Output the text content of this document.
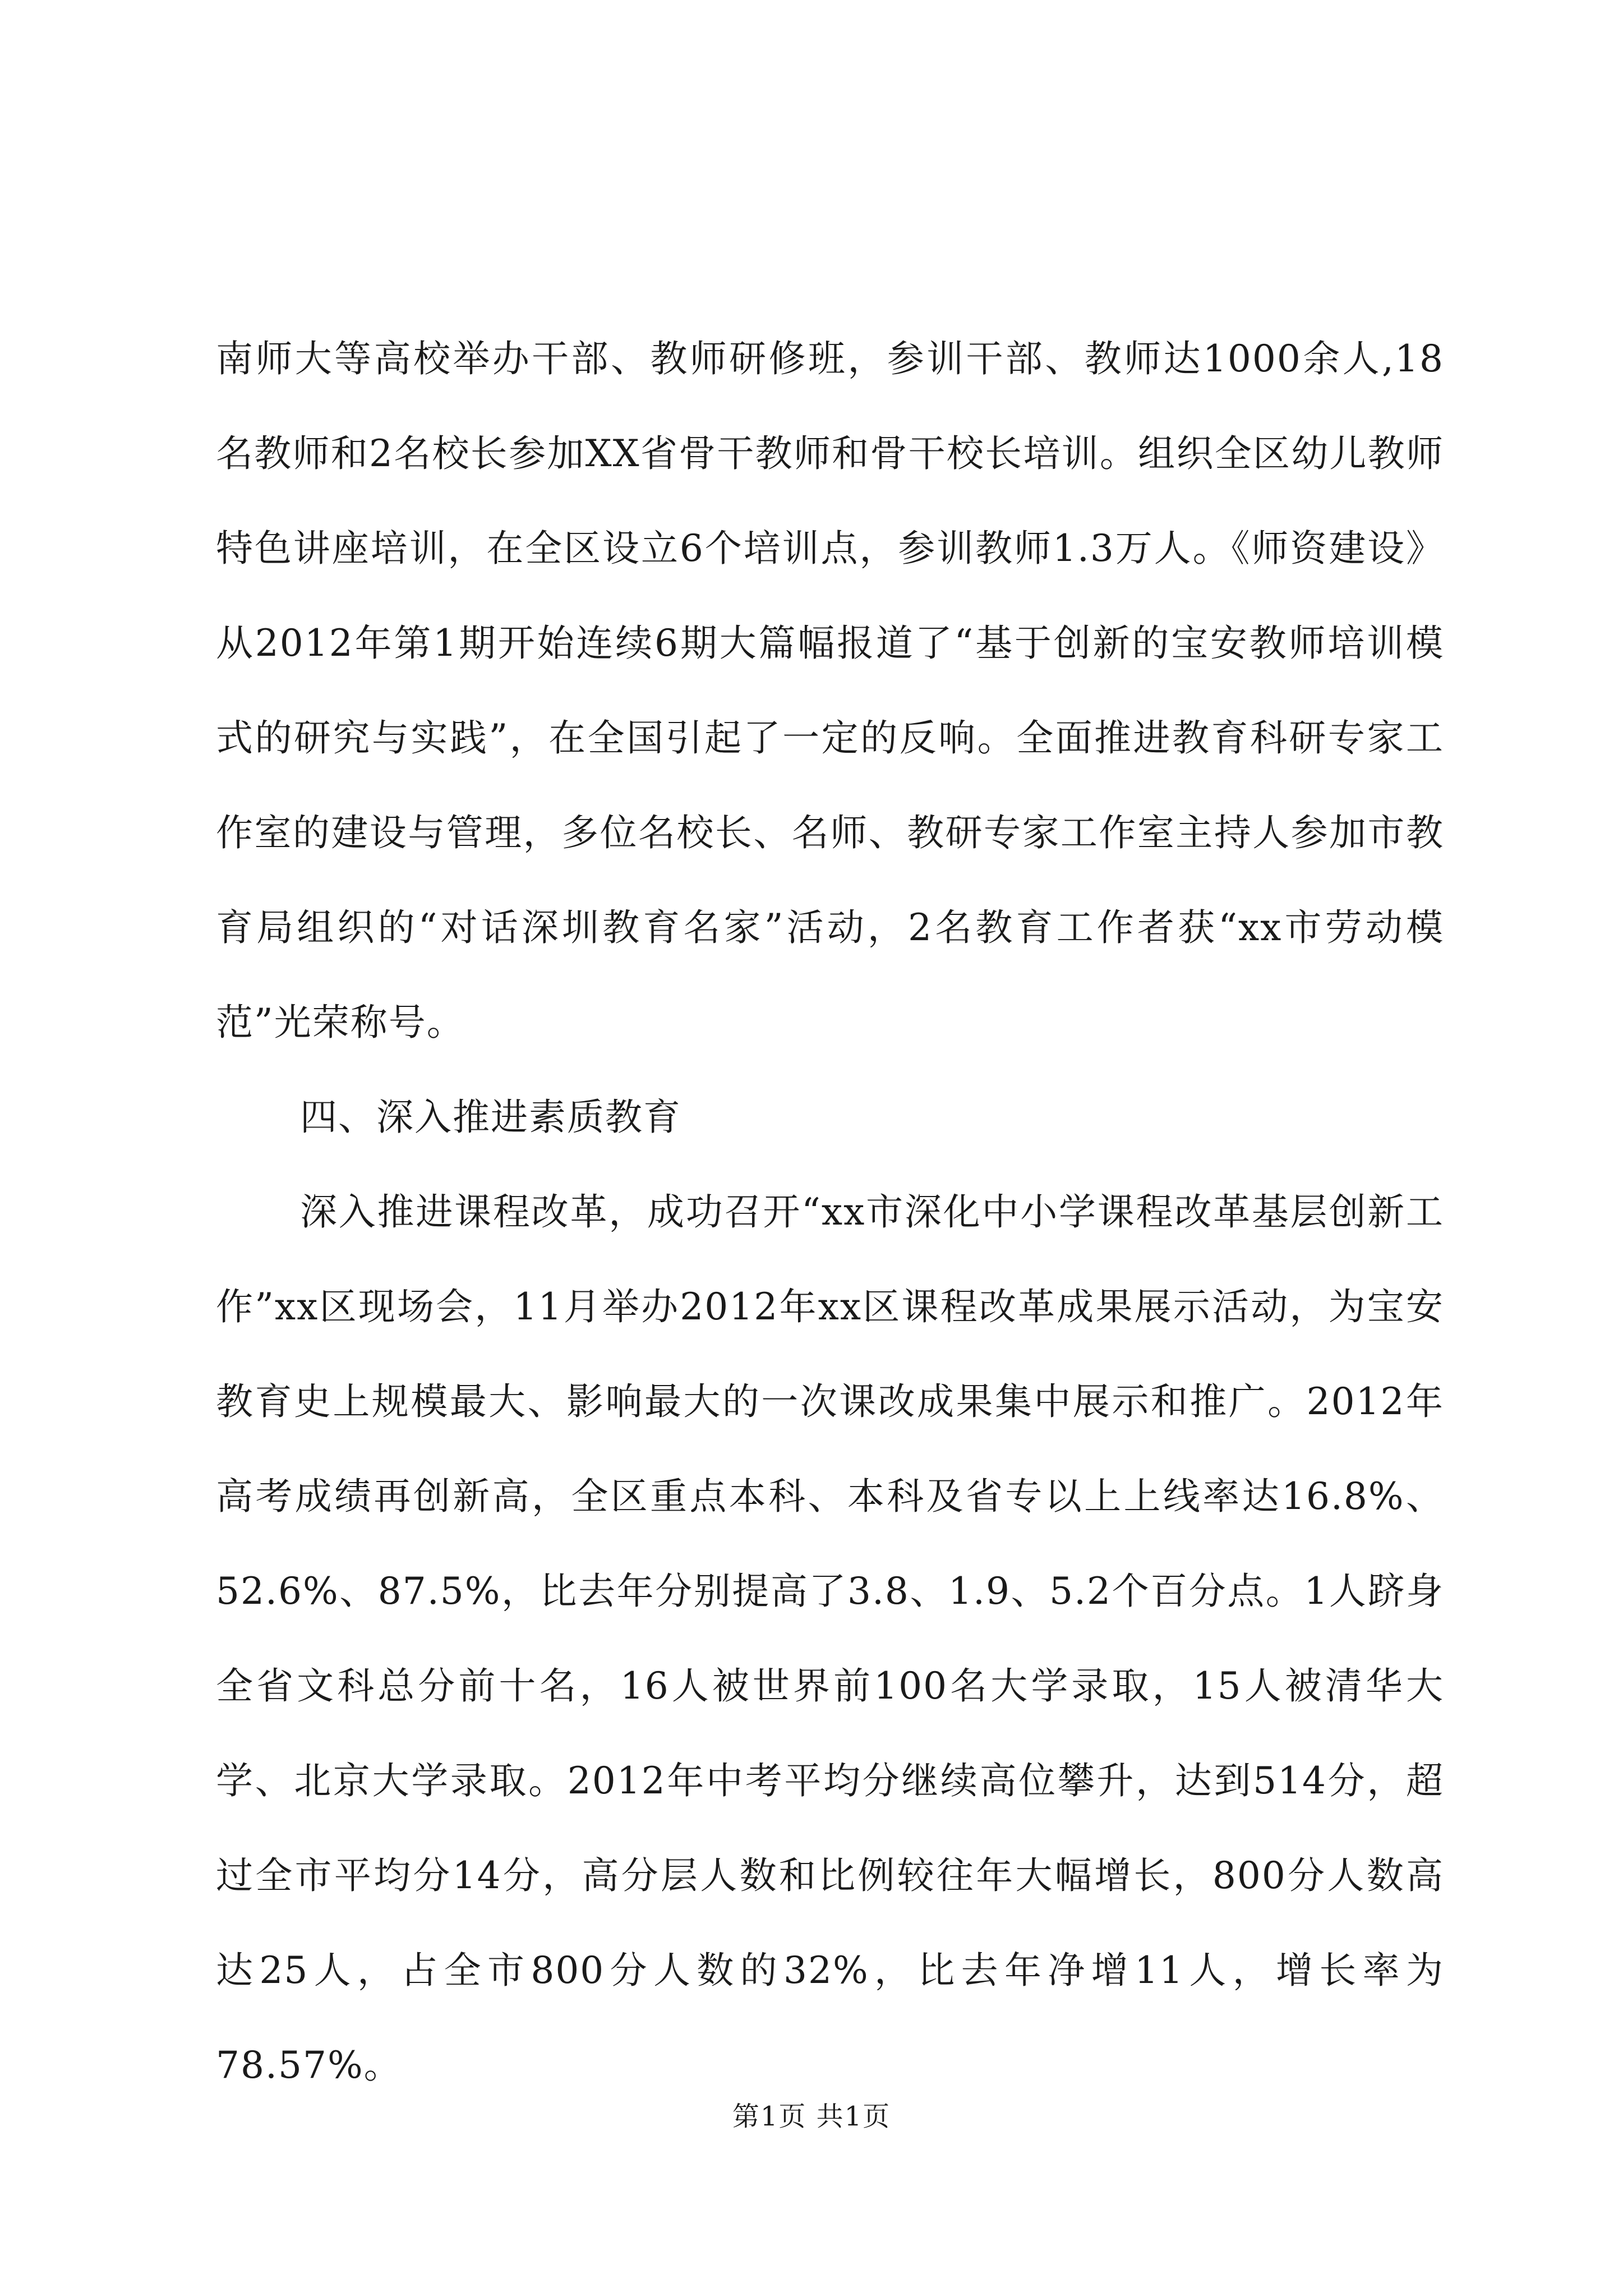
南师大等高校举办干部、教师研修班，参训干部、教师达1000余人,18名教师和2名校长参加XX省骨干教师和骨干校长培训。组织全区幼儿教师特色讲座培训，在全区设立6个培训点，参训教师1.3万人。《师资建设》从2012年第1期开始连续6期大篇幅报道了“基于创新的宝安教师培训模式的研究与实践”，在全国引起了一定的反响。全面推进教育科研专家工作室的建设与管理，多位名校长、名师、教研专家工作室主持人参加市教育局组织的“对话深圳教育名家”活动，2名教育工作者获“xx市劳动模范”光荣称号。

四、深入推进素质教育

深入推进课程改革，成功召开“xx市深化中小学课程改革基层创新工作”xx区现场会，11月举办2012年xx区课程改革成果展示活动，为宝安教育史上规模最大、影响最大的一次课改成果集中展示和推广。2012年高考成绩再创新高，全区重点本科、本科及省专以上上线率达16.8%、52.6%、87.5%，比去年分别提高了3.8、1.9、5.2个百分点。1人跻身全省文科总分前十名，16人被世界前100名大学录取，15人被清华大学、北京大学录取。2012年中考平均分继续高位攀升，达到514分，超过全市平均分14分，高分层人数和比例较往年大幅增长，800分人数高达25人，占全市800分人数的32%，比去年净增11人，增长率为78.57%。

第1页 共1页
